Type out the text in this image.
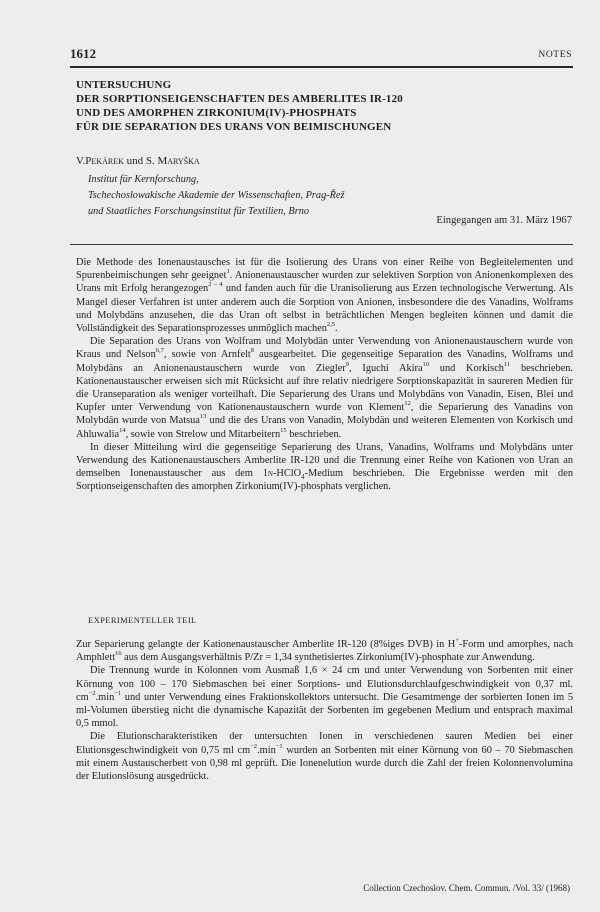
1612	NOTES
UNTERSUCHUNG
DER SORPTIONSEIGENSCHAFTEN DES AMBERLITES IR-120
UND DES AMORPHEN ZIRKONIUM(IV)-PHOSPHATS
FÜR DIE SEPARATION DES URANS VON BEIMISCHUNGEN
V.Pekárek und S. Maryška
Institut für Kernforschung,
Tschechoslowakische Akademie der Wissenschaften, Prag-Řež
und Staatliches Forschungsinstitut für Textilien, Brno
Eingegangen am 31. März 1967

Die Methode des Ionenaustausches ist für die Isolierung des Urans von einer Reihe von Begleitelementen und Spurenbeimischungen sehr geeignet$^1$. Anionenaustauscher wurden zur selektiven Sorption von Anionenkomplexen des Urans mit Erfolg herangezogen$^{2 - 4}$ und fanden auch für die Uranisolierung aus Erzen technologische Verwertung. Als Mangel dieser Verfahren ist unter anderem auch die Sorption von Anionen, insbesondere die des Vanadins, Wolframs und Molybdäns anzusehen, die das Uran oft selbst in beträchtlichen Mengen begleiten können und damit die Vollständigkeit des Separationsprozesses unmöglich machen$^{2,5}$.

Die Separation des Urans von Wolfram und Molybdän unter Verwendung von Anionenaustauschern wurde von Kraus und Nelson$^{6,7}$, sowie von Arnfelt$^8$ ausgearbeitet. Die gegenseitige Separation des Vanadins, Wolframs und Molybdäns an Anionenaustauschern wurde von Ziegler$^9$, Iguchi Akira$^{10}$ und Korkisch$^{11}$ beschrieben. Kationenaustauscher erweisen sich mit Rücksicht auf ihre relativ niedrigere Sorptionskapazität in saureren Medien für die Uranseparation als weniger vorteilhaft. Die Separierung des Urans und Molybdäns von Vanadin, Eisen, Blei und Kupfer unter Verwendung von Kationenaustauschern wurde von Klement$^{12}$, die Separierung des Vanadins von Molybdän wurde von Matsua$^{13}$ und die des Urans von Vanadin, Molybdän und weiteren Elementen von Korkisch und Ahluwalia$^{14}$, sowie von Strelow und Mitarbeitern$^{15}$ beschrieben.

In dieser Mitteilung wird die gegenseitige Separierung des Urans, Vanadins, Wolframs und Molybdäns unter Verwendung des Kationenaustauschers Amberlite IR-120 und die Trennung einer Reihe von Kationen von Uran an demselben Ionenaustauscher aus dem 1n-HClO$_4$-Medium beschrieben. Die Ergebnisse werden mit den Sorptionseigenschaften des amorphen Zirkonium(IV)-phosphats verglichen.

EXPERIMENTELLER TEIL

Zur Separierung gelangte der Kationenaustauscher Amberlite IR-120 (8%iges DVB) in H+-Form und amorphes, nach Amphlett$^{16}$ aus dem Ausgangsverhältnis P/Zr = 1,34 synthetisiertes Zirkonium(IV)-phosphate zur Anwendung.

Die Trennung wurde in Kolonnen vom Ausmaß 1,6 × 24 cm und unter Verwendung von Sorbenten mit einer Körnung von 100 – 170 Siebmaschen bei einer Sorptions- und Elutionsdurchlaufgeschwindigkeit von 0,37 ml. $cm^{-2}.\min^{-1}$ und unter Verwendung eines Fraktionskollektors untersucht. Die Gesamtmenge der sorbierten Ionen im 5 ml-Volumen überstieg nicht die dynamische Kapazität der Sorbenten im gegebenen Medium und entsprach maximal 0,5 mmol.

Die Elutionscharakteristiken der untersuchten Ionen in verschiedenen sauren Medien bei einer Elutionsgeschwindigkeit von 0,75 ml $cm^{-2}.\min^{-1}$ wurden an Sorbenten mit einer Körnung von 60 – 70 Siebmaschen mit einem Austauscherbett von 0,98 ml geprüft. Die Ionenelution wurde durch die Zahl der freien Kolonnenvolumina der Elutionslösung ausgedrückt.

Collection Czechoslov. Chem. Commun. /Vol. 33/ (1968)
